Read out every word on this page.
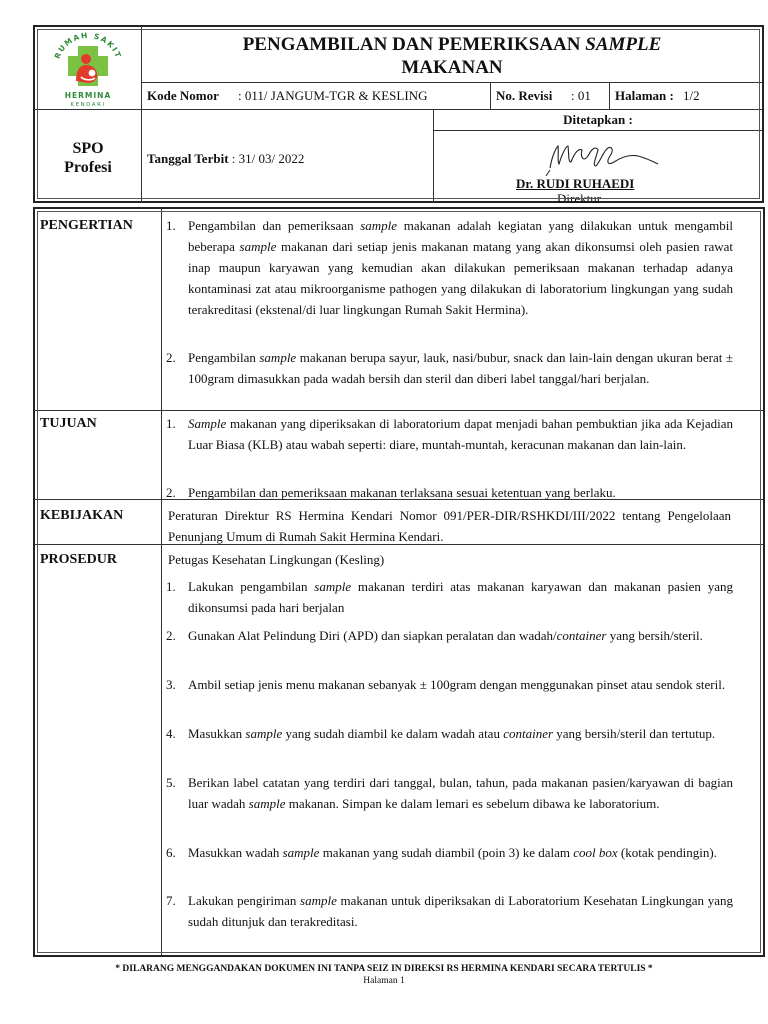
RUMAH SAKIT
HERMINA
KENDARI
PENGAMBILAN DAN PEMERIKSAAN SAMPLE
MAKANAN
Kode Nomor : 011/ JANGUM-TGR & KESLING	No. Revisi : 01 Halaman : 1/2
SPO
Profesi
Tanggal Terbit : 31/ 03/ 2022
Ditetapkan :
Dr. RUDI RUHAEDI
Direktur
PENGERTIAN	1. Pengambilan dan pemeriksaan sample makanan adalah kegiatan yang dilakukan untuk mengambil beberapa sample makanan dari setiap jenis makanan matang yang akan dikonsumsi oleh pasien rawat inap maupun karyawan yang kemudian akan dilakukan pemeriksaan makanan terhadap adanya kontaminasi zat atau mikroorganisme pathogen yang dilakukan di laboratorium lingkungan yang sudah terakreditasi (ekstenal/di luar lingkungan Rumah Sakit Hermina).
2. Pengambilan sample makanan berupa sayur, lauk, nasi/bubur, snack dan lain-lain dengan ukuran berat ± 100gram dimasukkan pada wadah bersih dan steril dan diberi label tanggal/hari berjalan.
TUJUAN	1. Sample makanan yang diperiksakan di laboratorium dapat menjadi bahan pembuktian jika ada Kejadian Luar Biasa (KLB) atau wabah seperti: diare, muntah-muntah, keracunan makanan dan lain-lain.
2. Pengambilan dan pemeriksaan makanan terlaksana sesuai ketentuan yang berlaku.
KEBIJAKAN	Peraturan Direktur RS Hermina Kendari Nomor 091/PER-DIR/RSHKDI/III/2022 tentang Pengelolaan Penunjang Umum di Rumah Sakit Hermina Kendari.
PROSEDUR	Petugas Kesehatan Lingkungan (Kesling)
1. Lakukan pengambilan sample makanan terdiri atas makanan karyawan dan makanan pasien yang dikonsumsi pada hari berjalan
2. Gunakan Alat Pelindung Diri (APD) dan siapkan peralatan dan wadah/container yang bersih/steril.
3. Ambil setiap jenis menu makanan sebanyak ± 100gram dengan menggunakan pinset atau sendok steril.
4. Masukkan sample yang sudah diambil ke dalam wadah atau container yang bersih/steril dan tertutup.
5. Berikan label catatan yang terdiri dari tanggal, bulan, tahun, pada makanan pasien/karyawan di bagian luar wadah sample makanan. Simpan ke dalam lemari es sebelum dibawa ke laboratorium.
6. Masukkan wadah sample makanan yang sudah diambil (poin 3) ke dalam cool box (kotak pendingin).
7. Lakukan pengiriman sample makanan untuk diperiksakan di Laboratorium Kesehatan Lingkungan yang sudah ditunjuk dan terakreditasi.
* DILARANG MENGGANDAKAN DOKUMEN INI TANPA SEIZ IN DIREKSI RS HERMINA KENDARI SECARA TERTULIS *
Halaman 1
